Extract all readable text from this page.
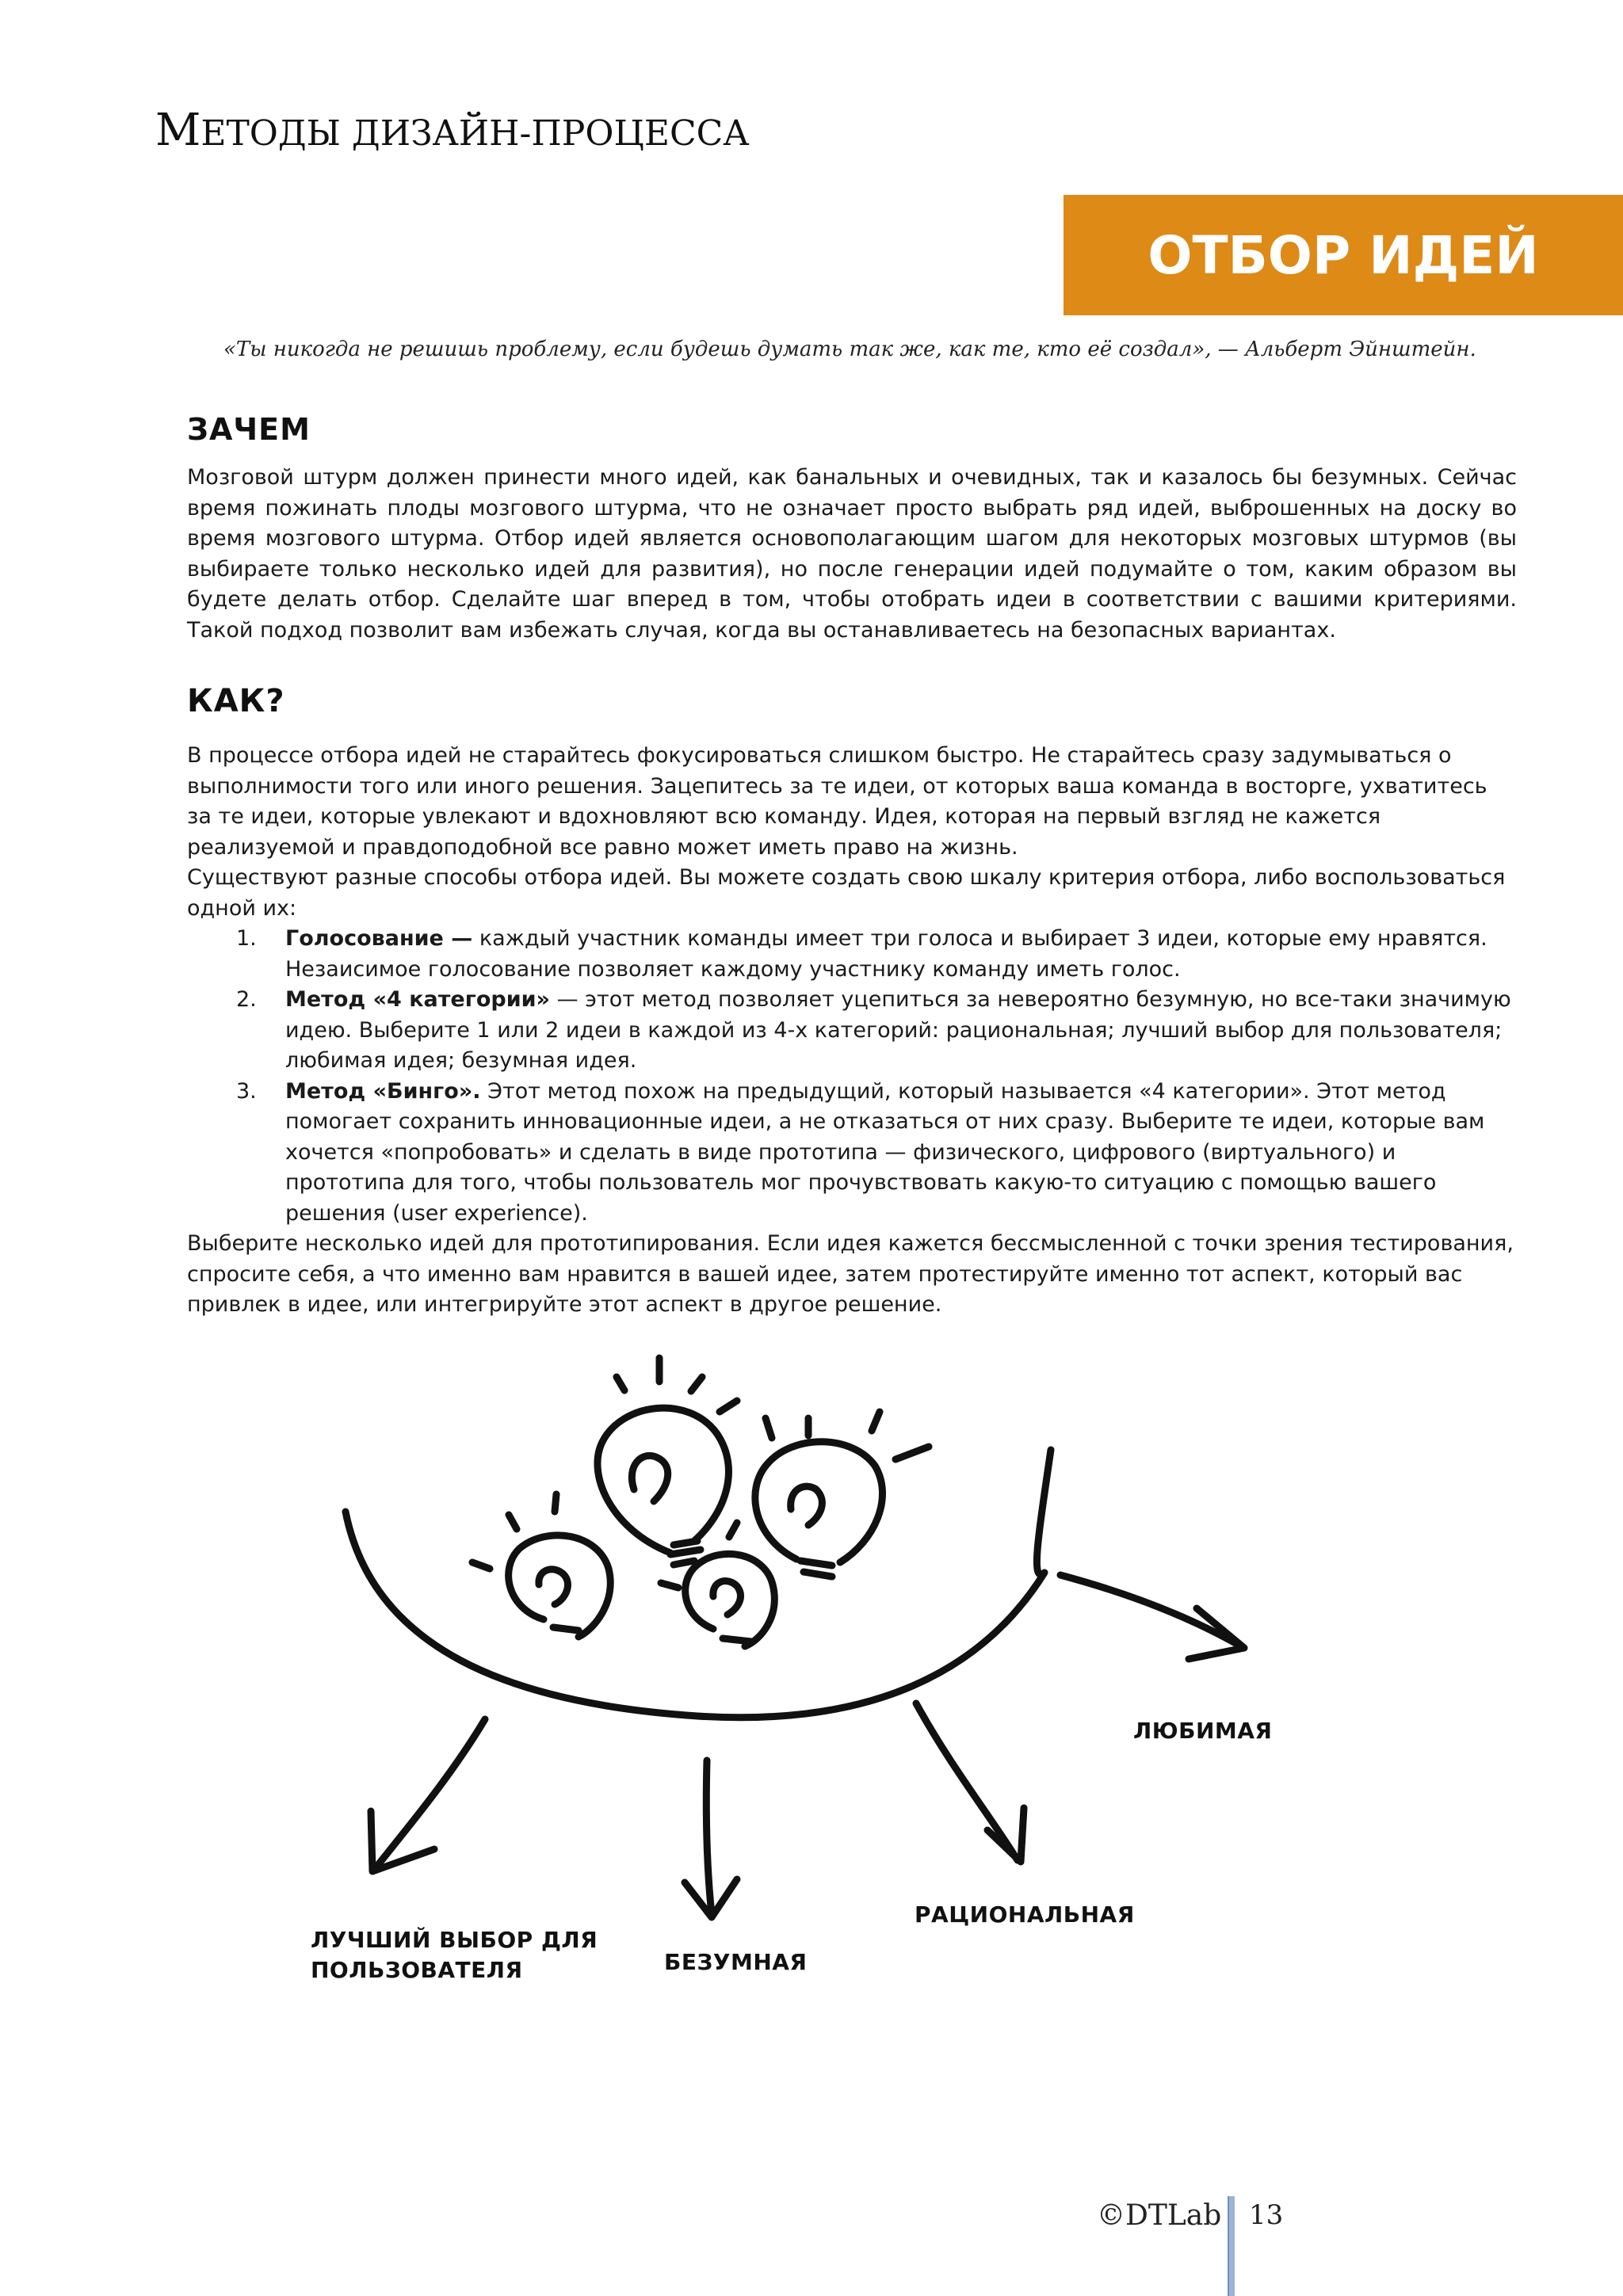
МЕТОДЫ ДИЗАЙН-ПРОЦЕССА
ОТБОР ИДЕЙ
«Ты никогда не решишь проблему, если будешь думать так же, как те, кто её создал», — Альберт Эйнштейн.
ЗАЧЕМ
Мозговой штурм должен принести много идей, как банальных и очевидных, так и казалось бы безумных. Сейчас время пожинать плоды мозгового штурма, что не означает просто выбрать ряд идей, выброшенных на доску во время мозгового штурма. Отбор идей является основополагающим шагом для некоторых мозговых штурмов (вы выбираете только несколько идей для развития), но после генерации идей подумайте о том, каким образом вы будете делать отбор. Сделайте шаг вперед в том, чтобы отобрать идеи в соответствии с вашими критериями. Такой подход позволит вам избежать случая, когда вы останавливаетесь на безопасных вариантах.
КАК?

В процессе отбора идей не старайтесь фокусироваться слишком быстро. Не старайтесь сразу задумываться о выполнимости того или иного решения. Зацепитесь за те идеи, от которых ваша команда в восторге, ухватитесь за те идеи, которые увлекают и вдохновляют всю команду. Идея, которая на первый взгляд не кажется реализуемой и правдоподобной все равно может иметь право на жизнь.

Существуют разные способы отбора идей. Вы можете создать свою шкалу критерия отбора, либо воспользоваться одной их:

1. Голосование — каждый участник команды имеет три голоса и выбирает 3 идеи, которые ему нравятся. Незаисимое голосование позволяет каждому участнику команду иметь голос.
2. Метод «4 категории» — этот метод позволяет уцепиться за невероятно безумную, но все-таки значимую идею. Выберите 1 или 2 идеи в каждой из 4-х категорий: рациональная; лучший выбор для пользователя; любимая идея; безумная идея.
3. Метод «Бинго». Этот метод похож на предыдущий, который называется «4 категории». Этот метод помогает сохранить инновационные идеи, а не отказаться от них сразу. Выберите те идеи, которые вам хочется «попробовать» и сделать в виде прототипа — физического, цифрового (виртуального) и прототипа для того, чтобы пользователь мог прочувствовать какую-то ситуацию с помощью вашего решения (user experience).

Выберите несколько идей для прототипирования. Если идея кажется бессмысленной с точки зрения тестирования, спросите себя, а что именно вам нравится в вашей идее, затем протестируйте именно тот аспект, который вас привлек в идее, или интегрируйте этот аспект в другое решение.

ЛЮБИМАЯ
РАЦИОНАЛЬНАЯ
ЛУЧШИЙ ВЫБОР ДЛЯ
ПОЛЬЗОВАТЕЛЯ	БЕЗУМНАЯ
©DTLab 13
